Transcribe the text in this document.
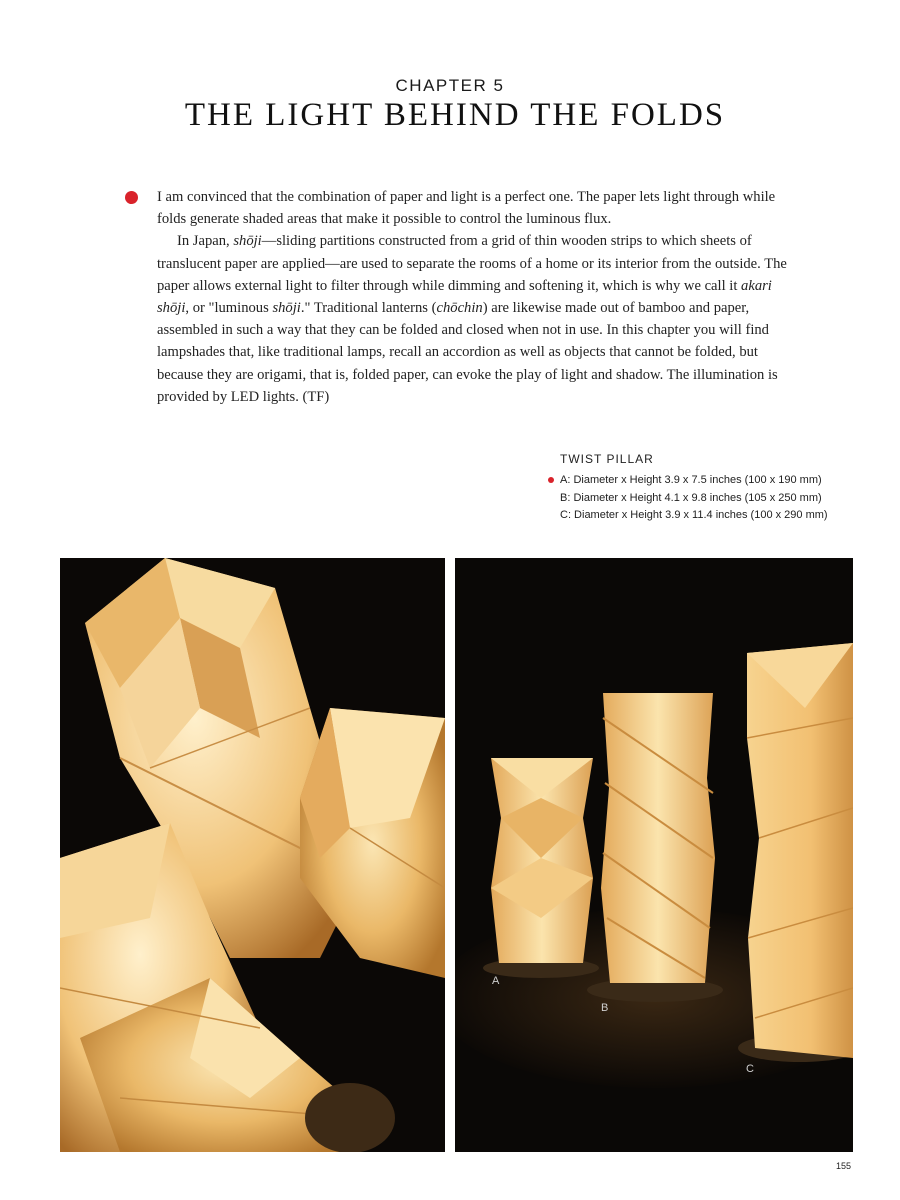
CHAPTER 5
THE LIGHT BEHIND THE FOLDS

I am convinced that the combination of paper and light is a perfect one. The paper lets light through while folds generate shaded areas that make it possible to control the luminous flux.

In Japan, shōji—sliding partitions constructed from a grid of thin wooden strips to which sheets of translucent paper are applied—are used to separate the rooms of a home or its interior from the outside. The paper allows external light to filter through while dimming and softening it, which is why we call it akari shōji, or "luminous shōji." Traditional lanterns (chōchin) are likewise made out of bamboo and paper, assembled in such a way that they can be folded and closed when not in use. In this chapter you will find lampshades that, like traditional lamps, recall an accordion as well as objects that cannot be folded, but because they are origami, that is, folded paper, can evoke the play of light and shadow. The illumination is provided by LED lights. (TF)

TWIST PILLAR
A: Diameter x Height 3.9 x 7.5 inches (100 x 190 mm)
B: Diameter x Height 4.1 x 9.8 inches (105 x 250 mm)
C: Diameter x Height 3.9 x 11.4 inches (100 x 290 mm)
A
B
C
155
